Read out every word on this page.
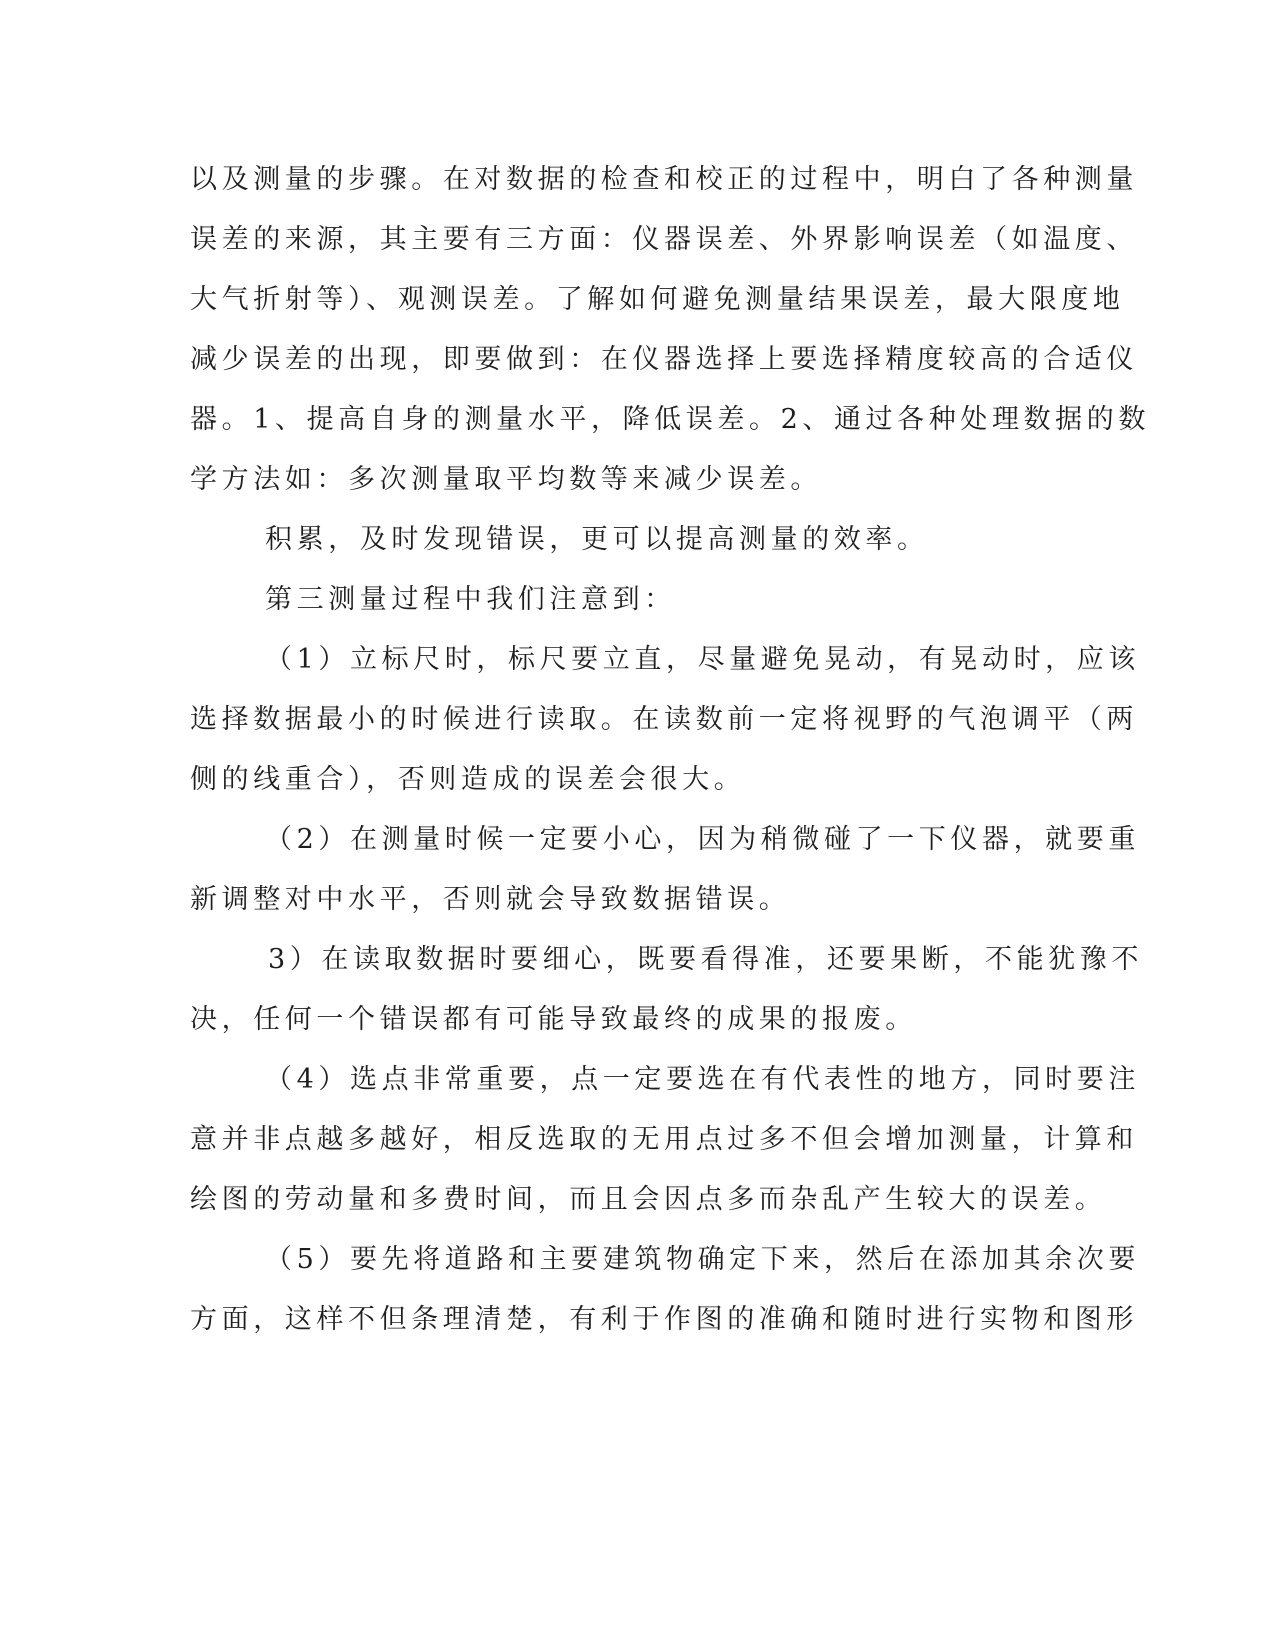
以及测量的步骤。在对数据的检查和校正的过程中，明白了各种测量
误差的来源，其主要有三方面：仪器误差、外界影响误差（如温度、
大气折射等）、观测误差。了解如何避免测量结果误差，最大限度地
减少误差的出现，即要做到：在仪器选择上要选择精度较高的合适仪
器。1、提高自身的测量水平，降低误差。2、通过各种处理数据的数
学方法如：多次测量取平均数等来减少误差。
积累，及时发现错误，更可以提高测量的效率。
第三测量过程中我们注意到：
（1）立标尺时，标尺要立直，尽量避免晃动，有晃动时，应该
选择数据最小的时候进行读取。在读数前一定将视野的气泡调平（两
侧的线重合），否则造成的误差会很大。
（2）在测量时候一定要小心，因为稍微碰了一下仪器，就要重
新调整对中水平，否则就会导致数据错误。
3）在读取数据时要细心，既要看得准，还要果断，不能犹豫不
决，任何一个错误都有可能导致最终的成果的报废。
（4）选点非常重要，点一定要选在有代表性的地方，同时要注
意并非点越多越好，相反选取的无用点过多不但会增加测量，计算和
绘图的劳动量和多费时间，而且会因点多而杂乱产生较大的误差。
（5）要先将道路和主要建筑物确定下来，然后在添加其余次要
方面，这样不但条理清楚，有利于作图的准确和随时进行实物和图形
